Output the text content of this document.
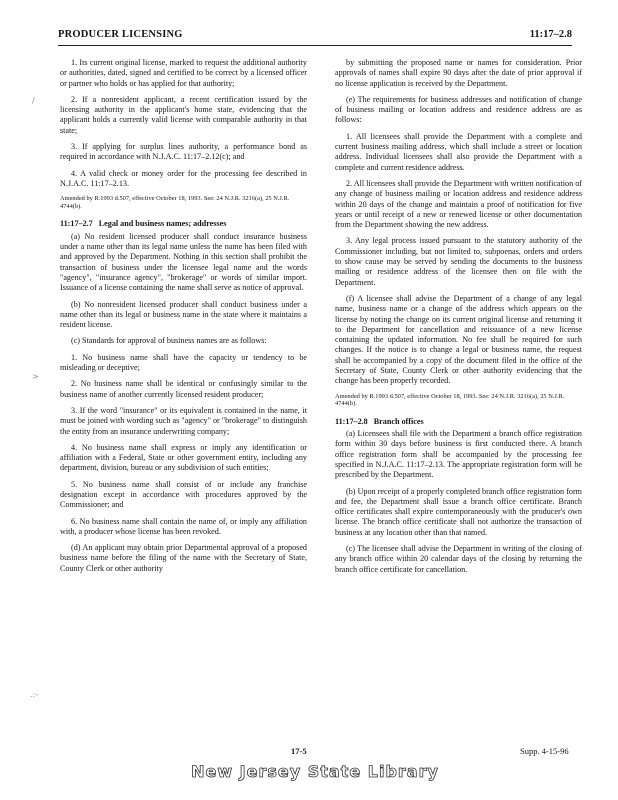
PRODUCER LICENSING	11:17–2.8

1. Its current original license, marked to request the additional authority or authorities, dated, signed and certified to be correct by a licensed officer or partner who holds or has applied for that authority;

2. If a nonresident applicant, a recent certification issued by the licensing authority in the applicant's home state, evidencing that the applicant holds a currently valid license with comparable authority in that state;

3. If applying for surplus lines authority, a performance bond as required in accordance with N.J.A.C. 11:17–2.12(c); and

4. A valid check or money order for the processing fee described in N.J.A.C. 11:17–2.13.

Amended by R.1993 d.507, effective October 18, 1993. See: 24 N.J.R. 3216(a), 25 N.J.R. 4744(b).

11:17–2.7 Legal and business names; addresses

(a) No resident licensed producer shall conduct insurance business under a name other than its legal name unless the name has been filed with and approved by the Department. Nothing in this section shall prohibit the transaction of business under the licensee legal name and the words "agency", "insurance agency", "brokerage" or words of similar import. Issuance of a license containing the name shall serve as notice of approval.

(b) No nonresident licensed producer shall conduct business under a name other than its legal or business name in the state where it maintains a resident license.

(c) Standards for approval of business names are as follows:

1. No business name shall have the capacity or tendency to be misleading or deceptive;

2. No business name shall be identical or confusingly similar to the business name of another currently licensed resident producer;

3. If the word "insurance" or its equivalent is contained in the name, it must be joined with wording such as "agency" or "brokerage" to distinguish the entity from an insurance underwriting company;

4. No business name shall express or imply any identification or affiliation with a Federal, State or other government entity, including any department, division, bureau or any subdivision of such entities;

5. No business name shall consist of or include any franchise designation except in accordance with procedures approved by the Commissioner; and

6. No business name shall contain the name of, or imply any affiliation with, a producer whose license has been revoked.

(d) An applicant may obtain prior Departmental approval of a proposed business name before the filing of the name with the Secretary of State, County Clerk or other authority

by submitting the proposed name or names for consideration. Prior approvals of names shall expire 90 days after the date of prior approval if no license application is received by the Department.

(e) The requirements for business addresses and notification of change of business mailing or location address and residence address are as follows:

1. All licensees shall provide the Department with a complete and current business mailing address, which shall include a street or location address. Individual licensees shall also provide the Department with a complete and current residence address.

2. All licensees shall provide the Department with written notification of any change of business mailing or location address and residence address within 20 days of the change and maintain a proof of notification for five years or until receipt of a new or renewed license or other documentation from the Department showing the new address.

3. Any legal process issued pursuant to the statutory authority of the Commissioner including, but not limited to, subpoenas, orders and orders to show cause may be served by sending the documents to the business mailing or residence address of the licensee then on file with the Department.

(f) A licensee shall advise the Department of a change of any legal name, business name or a change of the address which appears on the license by noting the change on its current original license and returning it to the Department for cancellation and reissuance of a new license containing the updated information. No fee shall be required for such changes. If the notice is to change a legal or business name, the request shall be accompanied by a copy of the document filed in the office of the Secretary of State, County Clerk or other authority evidencing that the change has been properly recorded.

Amended by R.1993 d.507, effective October 18, 1993. See: 24 N.J.R. 3216(a), 25 N.J.R. 4744(b).

11:17–2.8 Branch offices

(a) Licensees shall file with the Department a branch office registration form within 30 days before business is first conducted there. A branch office registration form shall be accompanied by the processing fee specified in N.J.A.C. 11:17–2.13. The appropriate registration form will be prescribed by the Department.

(b) Upon receipt of a properly completed branch office registration form and fee, the Department shall issue a branch office certificate. Branch office certificates shall expire contemporaneously with the producer's own license. The branch office certificate shall not authorize the transaction of business at any location other than that named.

(c) The licensee shall advise the Department in writing of the closing of any branch office within 20 calendar days of the closing by returning the branch office certificate for cancellation.

17-5	Supp. 4-15-96
New Jersey State Library
/
>
.:-
